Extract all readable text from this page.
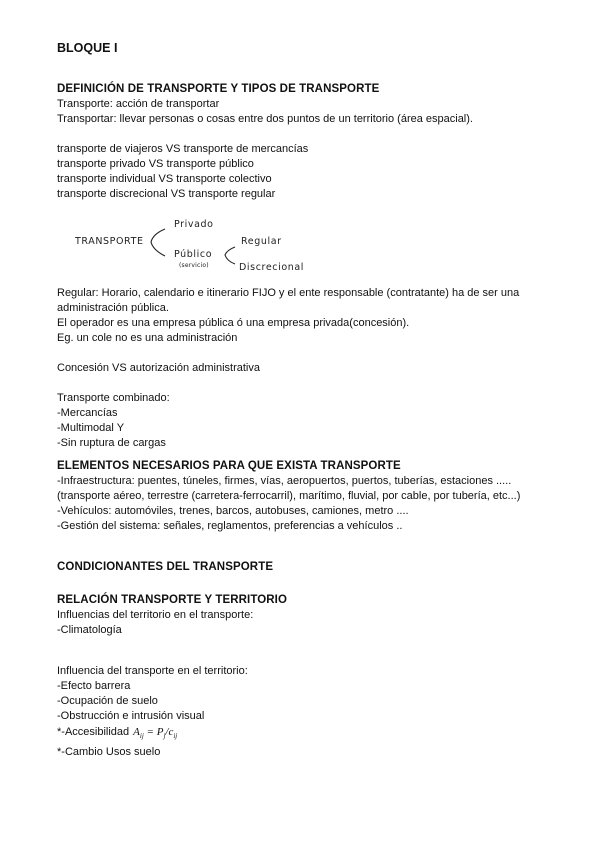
BLOQUE I
DEFINICIÓN DE TRANSPORTE Y TIPOS DE TRANSPORTE
Transporte: acción de transportar
Transportar: llevar personas o cosas entre dos puntos de un territorio (área espacial).
transporte de viajeros VS transporte de mercancías
transporte privado VS transporte público
transporte individual VS transporte colectivo
transporte discrecional VS transporte regular
TRANSPORTE
Privado
Público
(servicio)
Regular
Discrecional
Regular: Horario, calendario e itinerario FIJO y el ente responsable (contratante) ha de ser una
administración pública.
El operador es una empresa pública ó una empresa privada(concesión).
Eg. un cole no es una administración
Concesión VS autorización administrativa
Transporte combinado:
-Mercancías
-Multimodal Y
-Sin ruptura de cargas
ELEMENTOS NECESARIOS PARA QUE EXISTA TRANSPORTE
-Infraestructura: puentes, túneles, firmes, vías, aeropuertos, puertos, tuberías, estaciones .....
(transporte aéreo, terrestre (carretera-ferrocarril), marítimo, fluvial, por cable, por tubería, etc...)
-Vehículos: automóviles, trenes, barcos, autobuses, camiones, metro ....
-Gestión del sistema: señales, reglamentos, preferencias a vehículos ..
CONDICIONANTES DEL TRANSPORTE
RELACIÓN TRANSPORTE Y TERRITORIO
Influencias del territorio en el transporte:
-Climatología
Influencia del transporte en el territorio:
-Efecto barrera
-Ocupación de suelo
-Obstrucción e intrusión visual
*-Accesibilidad $A_{ij} = P_j/c_{ij}$
*-Cambio Usos suelo
